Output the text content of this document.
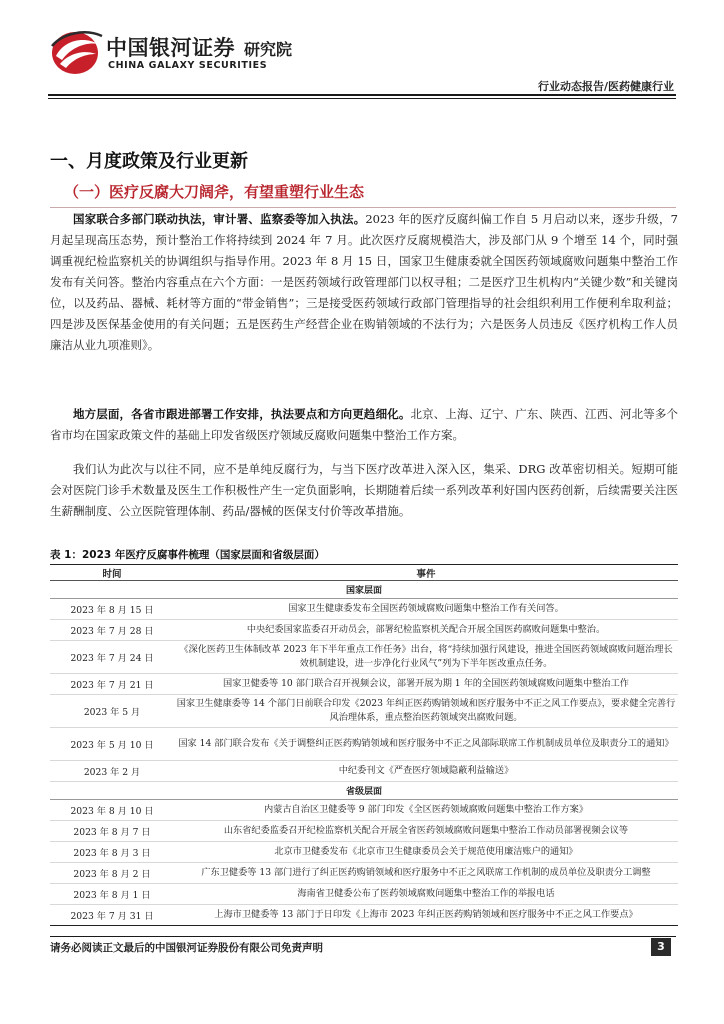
中国银河证券
CHINA GALAXY SECURITIES
研究院
行业动态报告/医药健康行业
一、月度政策及行业更新
（一）医疗反腐大刀阔斧，有望重塑行业生态
国家联合多部门联动执法，审计署、监察委等加入执法。2023 年的医疗反腐纠偏工作自 5 月启动以来，逐步升级，7 月起呈现高压态势，预计整治工作将持续到 2024 年 7 月。此次医疗反腐规模浩大，涉及部门从 9 个增至 14 个，同时强调重视纪检监察机关的协调组织与指导作用。2023 年 8 月 15 日，国家卫生健康委就全国医药领域腐败问题集中整治工作发布有关问答。整治内容重点在六个方面：一是医药领域行政管理部门以权寻租；二是医疗卫生机构内“关键少数”和关键岗位，以及药品、器械、耗材等方面的“带金销售”；三是接受医药领域行政部门管理指导的社会组织利用工作便利牟取利益；四是涉及医保基金使用的有关问题；五是医药生产经营企业在购销领域的不法行为；六是医务人员违反《医疗机构工作人员廉洁从业九项准则》。
地方层面，各省市跟进部署工作安排，执法要点和方向更趋细化。北京、上海、辽宁、广东、陕西、江西、河北等多个省市均在国家政策文件的基础上印发省级医疗领域反腐败问题集中整治工作方案。
我们认为此次与以往不同，应不是单纯反腐行为，与当下医疗改革进入深入区，集采、DRG 改革密切相关。短期可能会对医院门诊手术数量及医生工作积极性产生一定负面影响，长期随着后续一系列改革利好国内医药创新，后续需要关注医生薪酬制度、公立医院管理体制、药品/器械的医保支付价等改革措施。
表 1：2023 年医疗反腐事件梳理（国家层面和省级层面）
时间	事件
国家层面	
2023 年 8 月 15 日	国家卫生健康委发布全国医药领域腐败问题集中整治工作有关问答。
2023 年 7 月 28 日	中央纪委国家监委召开动员会，部署纪检监察机关配合开展全国医药腐败问题集中整治。
2023 年 7 月 24 日	《深化医药卫生体制改革 2023 年下半年重点工作任务》出台，将“持续加强行风建设，推进全国医药领域腐败问题治理长效机制建设，进一步净化行业风气”列为下半年医改重点任务。
2023 年 7 月 21 日	国家卫健委等 10 部门联合召开视频会议，部署开展为期 1 年的全国医药领域腐败问题集中整治工作
2023 年 5 月	国家卫生健康委等 14 个部门日前联合印发《2023 年纠正医药购销领域和医疗服务中不正之风工作要点》，要求健全完善行风治理体系，重点整治医药领域突出腐败问题。
2023 年 5 月 10 日	国家 14 部门联合发布《关于调整纠正医药购销领域和医疗服务中不正之风部际联席工作机制成员单位及职责分工的通知》
2023 年 2 月	中纪委刊文《严查医疗领域隐蔽利益输送》
省级层面	
2023 年 8 月 10 日	内蒙古自治区卫健委等 9 部门印发《全区医药领域腐败问题集中整治工作方案》
2023 年 8 月 7 日	山东省纪委监委召开纪检监察机关配合开展全省医药领域腐败问题集中整治工作动员部署视频会议等
2023 年 8 月 3 日	北京市卫健委发布《北京市卫生健康委员会关于规范使用廉洁账户的通知》
2023 年 8 月 2 日	广东卫健委等 13 部门进行了纠正医药购销领域和医疗服务中不正之风联席工作机制的成员单位及职责分工调整
2023 年 8 月 1 日	海南省卫健委公布了医药领域腐败问题集中整治工作的举报电话
2023 年 7 月 31 日	上海市卫健委等 13 部门于日印发《上海市 2023 年纠正医药购销领域和医疗服务中不正之风工作要点》
请务必阅读正文最后的中国银河证券股份有限公司免责声明	3
